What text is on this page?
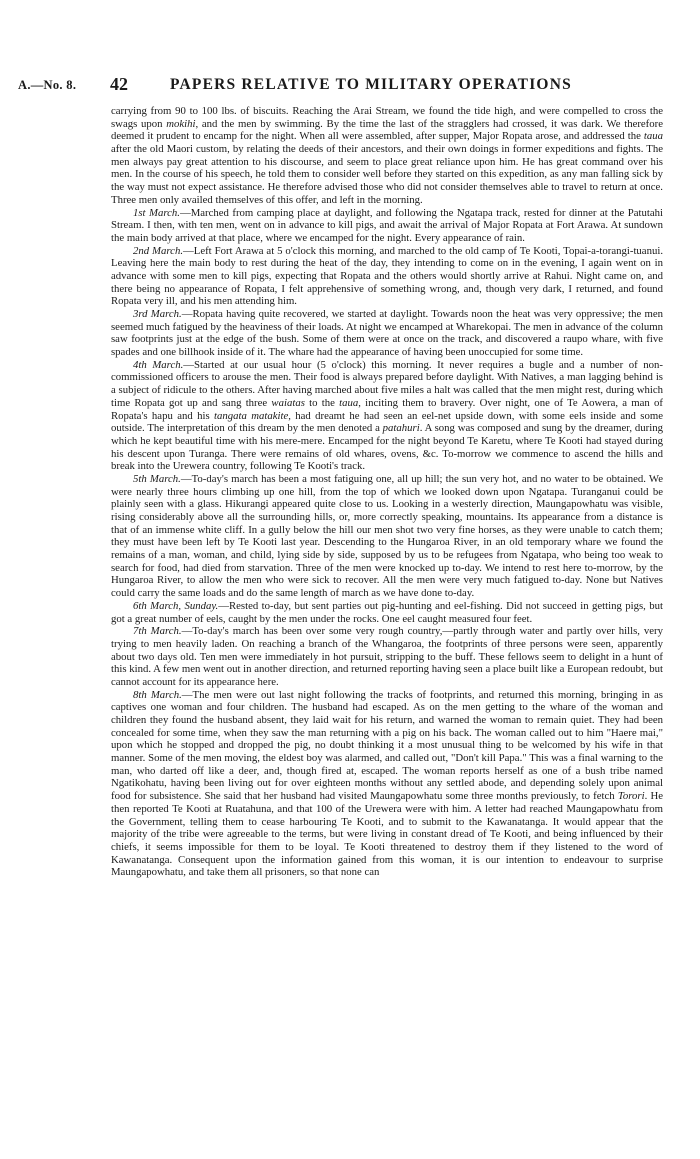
A.—No. 8. 42	PAPERS RELATIVE TO MILITARY OPERATIONS

carrying from 90 to 100 lbs. of biscuits. Reaching the Arai Stream, we found the tide high, and were compelled to cross the swags upon mokihi, and the men by swimming. By the time the last of the stragglers had crossed, it was dark. We therefore deemed it prudent to encamp for the night. When all were assembled, after supper, Major Ropata arose, and addressed the taua after the old Maori custom, by relating the deeds of their ancestors, and their own doings in former expeditions and fights. The men always pay great attention to his discourse, and seem to place great reliance upon him. He has great command over his men. In the course of his speech, he told them to consider well before they started on this expedition, as any man falling sick by the way must not expect assistance. He therefore advised those who did not consider themselves able to travel to return at once. Three men only availed themselves of this offer, and left in the morning.

1st March.—Marched from camping place at daylight, and following the Ngatapa track, rested for dinner at the Patutahi Stream. I then, with ten men, went on in advance to kill pigs, and await the arrival of Major Ropata at Fort Arawa. At sundown the main body arrived at that place, where we encamped for the night. Every appearance of rain.

2nd March.—Left Fort Arawa at 5 o'clock this morning, and marched to the old camp of Te Kooti, Topai-a-torangi-tuanui. Leaving here the main body to rest during the heat of the day, they intending to come on in the evening, I again went on in advance with some men to kill pigs, expecting that Ropata and the others would shortly arrive at Rahui. Night came on, and there being no appearance of Ropata, I felt apprehensive of something wrong, and, though very dark, I returned, and found Ropata very ill, and his men attending him.

3rd March.—Ropata having quite recovered, we started at daylight. Towards noon the heat was very oppressive; the men seemed much fatigued by the heaviness of their loads. At night we encamped at Wharekopai. The men in advance of the column saw footprints just at the edge of the bush. Some of them were at once on the track, and discovered a raupo whare, with five spades and one billhook inside of it. The whare had the appearance of having been unoccupied for some time.

4th March.—Started at our usual hour (5 o'clock) this morning. It never requires a bugle and a number of non-commissioned officers to arouse the men. Their food is always prepared before daylight. With Natives, a man lagging behind is a subject of ridicule to the others. After having marched about five miles a halt was called that the men might rest, during which time Ropata got up and sang three waiatas to the taua, inciting them to bravery. Over night, one of Te Aowera, a man of Ropata's hapu and his tangata matakite, had dreamt he had seen an eel-net upside down, with some eels inside and some outside. The interpretation of this dream by the men denoted a patahuri. A song was composed and sung by the dreamer, during which he kept beautiful time with his mere-mere. Encamped for the night beyond Te Karetu, where Te Kooti had stayed during his descent upon Turanga. There were remains of old whares, ovens, &c. To-morrow we commence to ascend the hills and break into the Urewera country, following Te Kooti's track.

5th March.—To-day's march has been a most fatiguing one, all up hill; the sun very hot, and no water to be obtained. We were nearly three hours climbing up one hill, from the top of which we looked down upon Ngatapa. Turanganui could be plainly seen with a glass. Hikurangi appeared quite close to us. Looking in a westerly direction, Maungapowhatu was visible, rising considerably above all the surrounding hills, or, more correctly speaking, mountains. Its appearance from a distance is that of an immense white cliff. In a gully below the hill our men shot two very fine horses, as they were unable to catch them; they must have been left by Te Kooti last year. Descending to the Hungaroa River, in an old temporary whare we found the remains of a man, woman, and child, lying side by side, supposed by us to be refugees from Ngatapa, who being too weak to search for food, had died from starvation. Three of the men were knocked up to-day. We intend to rest here to-morrow, by the Hungaroa River, to allow the men who were sick to recover. All the men were very much fatigued to-day. None but Natives could carry the same loads and do the same length of march as we have done to-day.

6th March, Sunday.—Rested to-day, but sent parties out pig-hunting and eel-fishing. Did not succeed in getting pigs, but got a great number of eels, caught by the men under the rocks. One eel caught measured four feet.

7th March.—To-day's march has been over some very rough country,—partly through water and partly over hills, very trying to men heavily laden. On reaching a branch of the Whangaroa, the footprints of three persons were seen, apparently about two days old. Ten men were immediately in hot pursuit, stripping to the buff. These fellows seem to delight in a hunt of this kind. A few men went out in another direction, and returned reporting having seen a place built like a European redoubt, but cannot account for its appearance here.

8th March.—The men were out last night following the tracks of footprints, and returned this morning, bringing in as captives one woman and four children. The husband had escaped. As on the men getting to the whare of the woman and children they found the husband absent, they laid wait for his return, and warned the woman to remain quiet. They had been concealed for some time, when they saw the man returning with a pig on his back. The woman called out to him "Haere mai," upon which he stopped and dropped the pig, no doubt thinking it a most unusual thing to be welcomed by his wife in that manner. Some of the men moving, the eldest boy was alarmed, and called out, "Don't kill Papa." This was a final warning to the man, who darted off like a deer, and, though fired at, escaped. The woman reports herself as one of a bush tribe named Ngatikohatu, having been living out for over eighteen months without any settled abode, and depending solely upon animal food for subsistence. She said that her husband had visited Maungapowhatu some three months previously, to fetch Torori. He then reported Te Kooti at Ruatahuna, and that 100 of the Urewera were with him. A letter had reached Maungapowhatu from the Government, telling them to cease harbouring Te Kooti, and to submit to the Kawanatanga. It would appear that the majority of the tribe were agreeable to the terms, but were living in constant dread of Te Kooti, and being influenced by their chiefs, it seems impossible for them to be loyal. Te Kooti threatened to destroy them if they listened to the word of Kawanatanga. Consequent upon the information gained from this woman, it is our intention to endeavour to surprise Maungapowhatu, and take them all prisoners, so that none can
